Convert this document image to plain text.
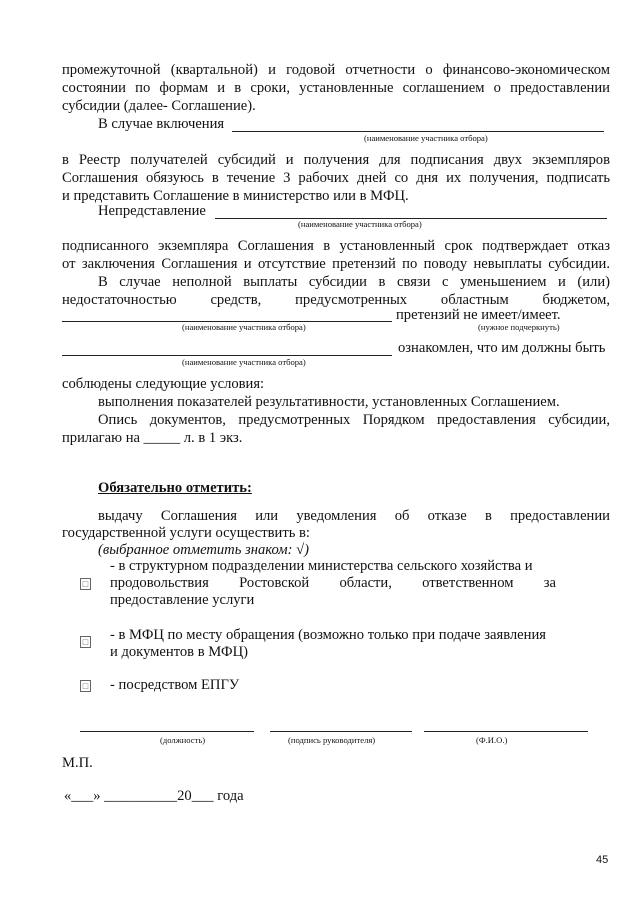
промежуточной (квартальной) и годовой отчетности о финансово-экономическом
состоянии по формам и в сроки, установленные соглашением о предоставлении
субсидии (далее- Соглашение).
В случае включения
(наименование участника отбора)
в Реестр получателей субсидий и получения для подписания двух экземпляров
Соглашения обязуюсь в течение 3 рабочих дней со дня их получения, подписать
и представить Соглашение в министерство или в МФЦ.
Непредставление
(наименование участника отбора)
подписанного экземпляра Соглашения в установленный срок подтверждает отказ
от заключения Соглашения и отсутствие претензий по поводу невыплаты субсидии.
В случае неполной выплаты субсидии в связи с уменьшением и (или)
недостаточностью средств, предусмотренных областным бюджетом,
претензий не имеет/имеет.
(наименование участника отбора)	(нужное подчеркнуть)
ознакомлен, что им должны быть
(наименование участника отбора)
соблюдены следующие условия:
выполнения показателей результативности, установленных Соглашением.
Опись документов, предусмотренных Порядком предоставления субсидии,
прилагаю на _____ л. в 1 экз.
Обязательно отметить:
выдачу Соглашения или уведомления об отказе в предоставлении
государственной услуги осуществить в:
(выбранное отметить знаком: √)
□
- в структурном подразделении министерства сельского хозяйства и
продовольствия Ростовской области, ответственном за
предоставление услуги
□ - в МФЦ по месту обращения (возможно только при подаче заявления
и документов в МФЦ)
□ - посредством ЕПГУ
(должность)	(подпись руководителя)	(Ф.И.О.)
М.П.
«___» __________20___ года
45
